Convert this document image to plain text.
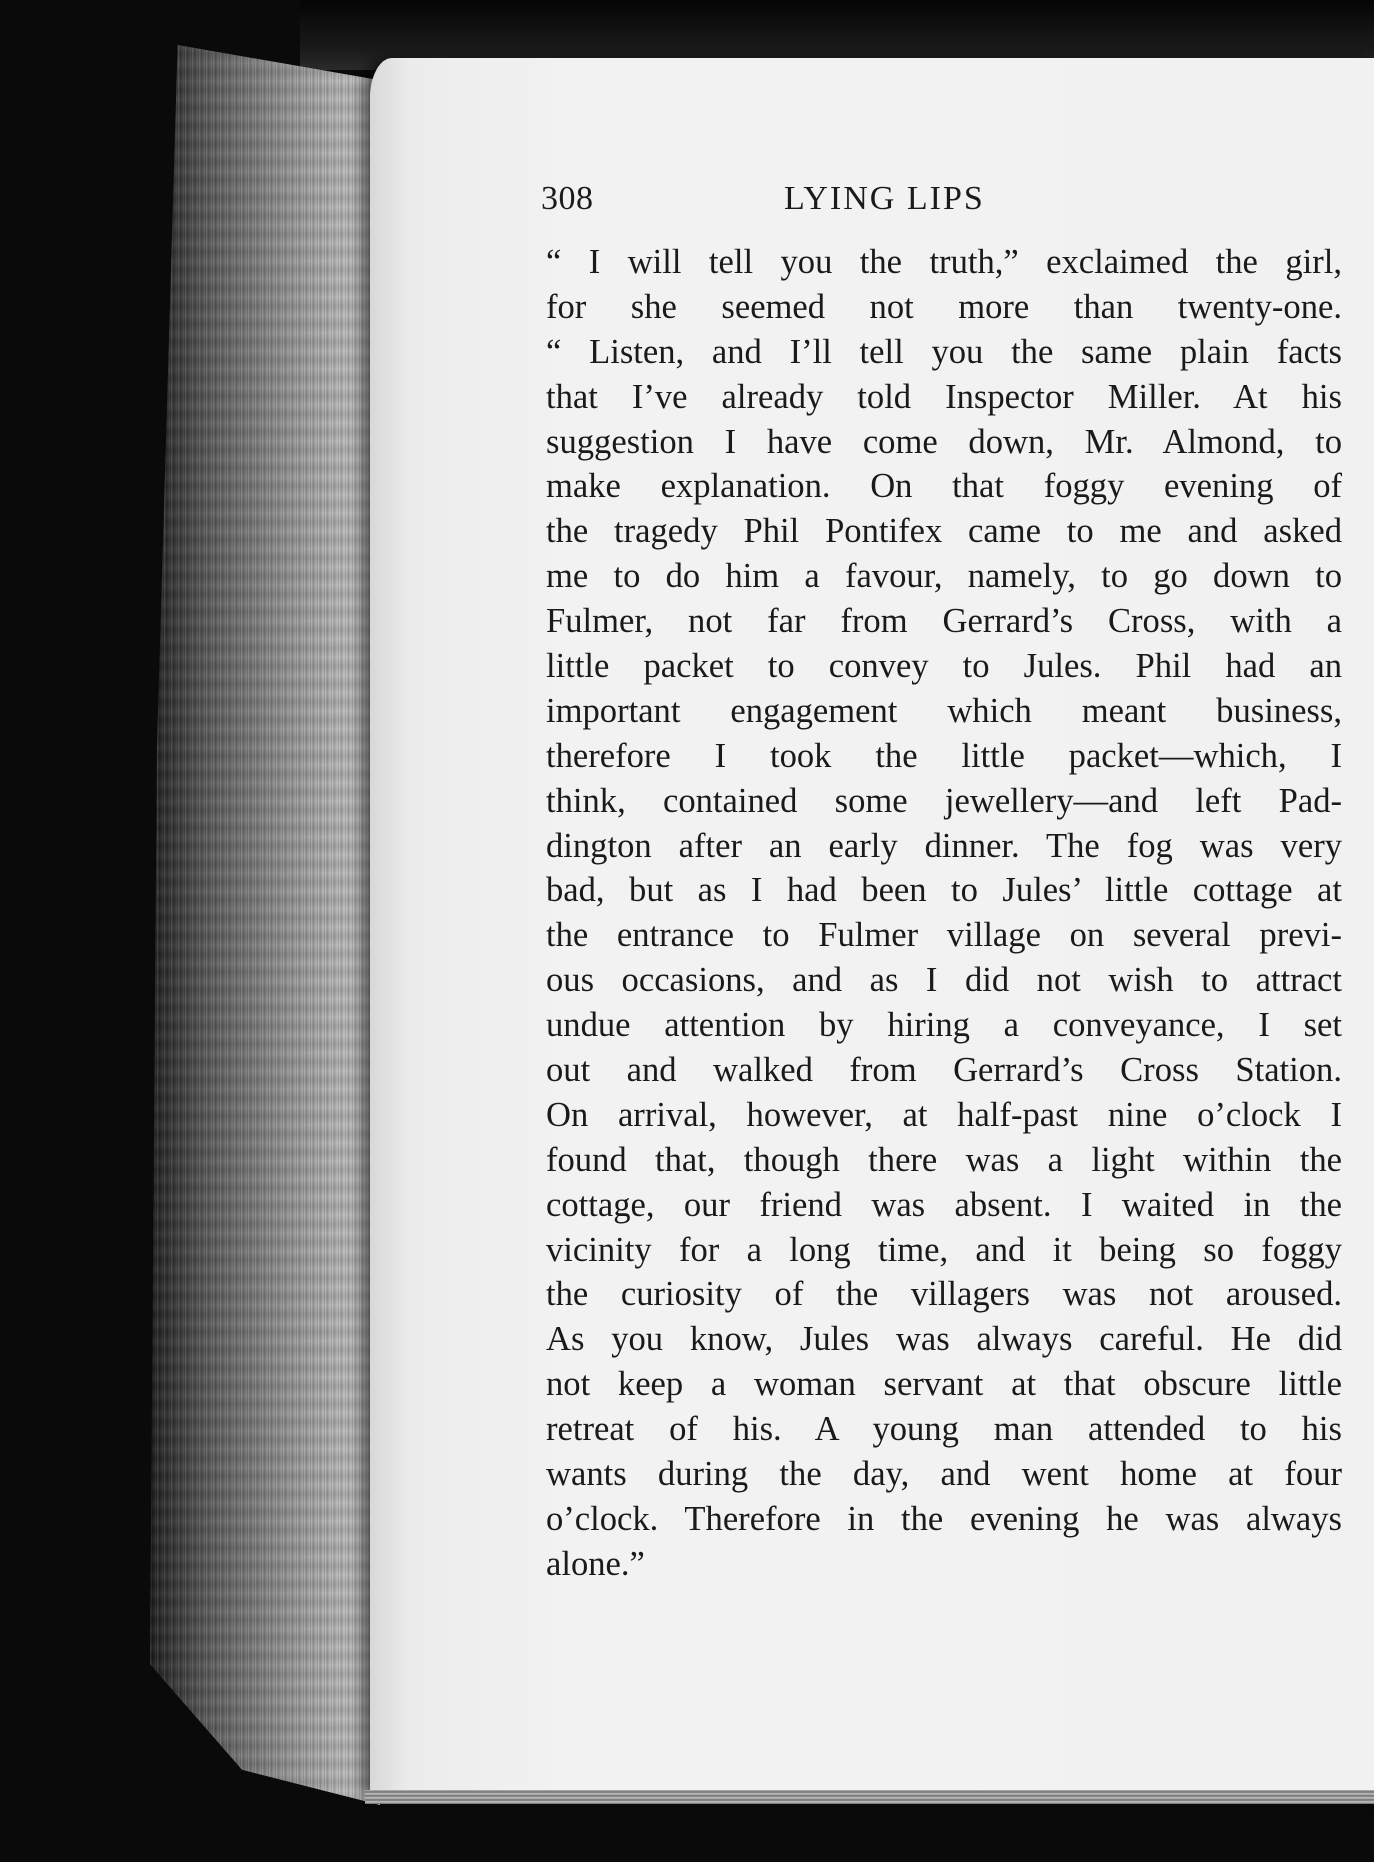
308	LYING LIPS
“ I will tell you the truth,” exclaimed the girl,
for she seemed not more than twenty-one.
“ Listen, and I’ll tell you the same plain facts
that I’ve already told Inspector Miller. At his
suggestion I have come down, Mr. Almond, to
make explanation. On that foggy evening of
the tragedy Phil Pontifex came to me and asked
me to do him a favour, namely, to go down to
Fulmer, not far from Gerrard’s Cross, with a
little packet to convey to Jules. Phil had an
important engagement which meant business,
therefore I took the little packet—which, I
think, contained some jewellery—and left Pad-
dington after an early dinner. The fog was very
bad, but as I had been to Jules’ little cottage at
the entrance to Fulmer village on several previ-
ous occasions, and as I did not wish to attract
undue attention by hiring a conveyance, I set
out and walked from Gerrard’s Cross Station.
On arrival, however, at half-past nine o’clock I
found that, though there was a light within the
cottage, our friend was absent. I waited in the
vicinity for a long time, and it being so foggy
the curiosity of the villagers was not aroused.
As you know, Jules was always careful. He did
not keep a woman servant at that obscure little
retreat of his. A young man attended to his
wants during the day, and went home at four
o’clock. Therefore in the evening he was always
alone.”
